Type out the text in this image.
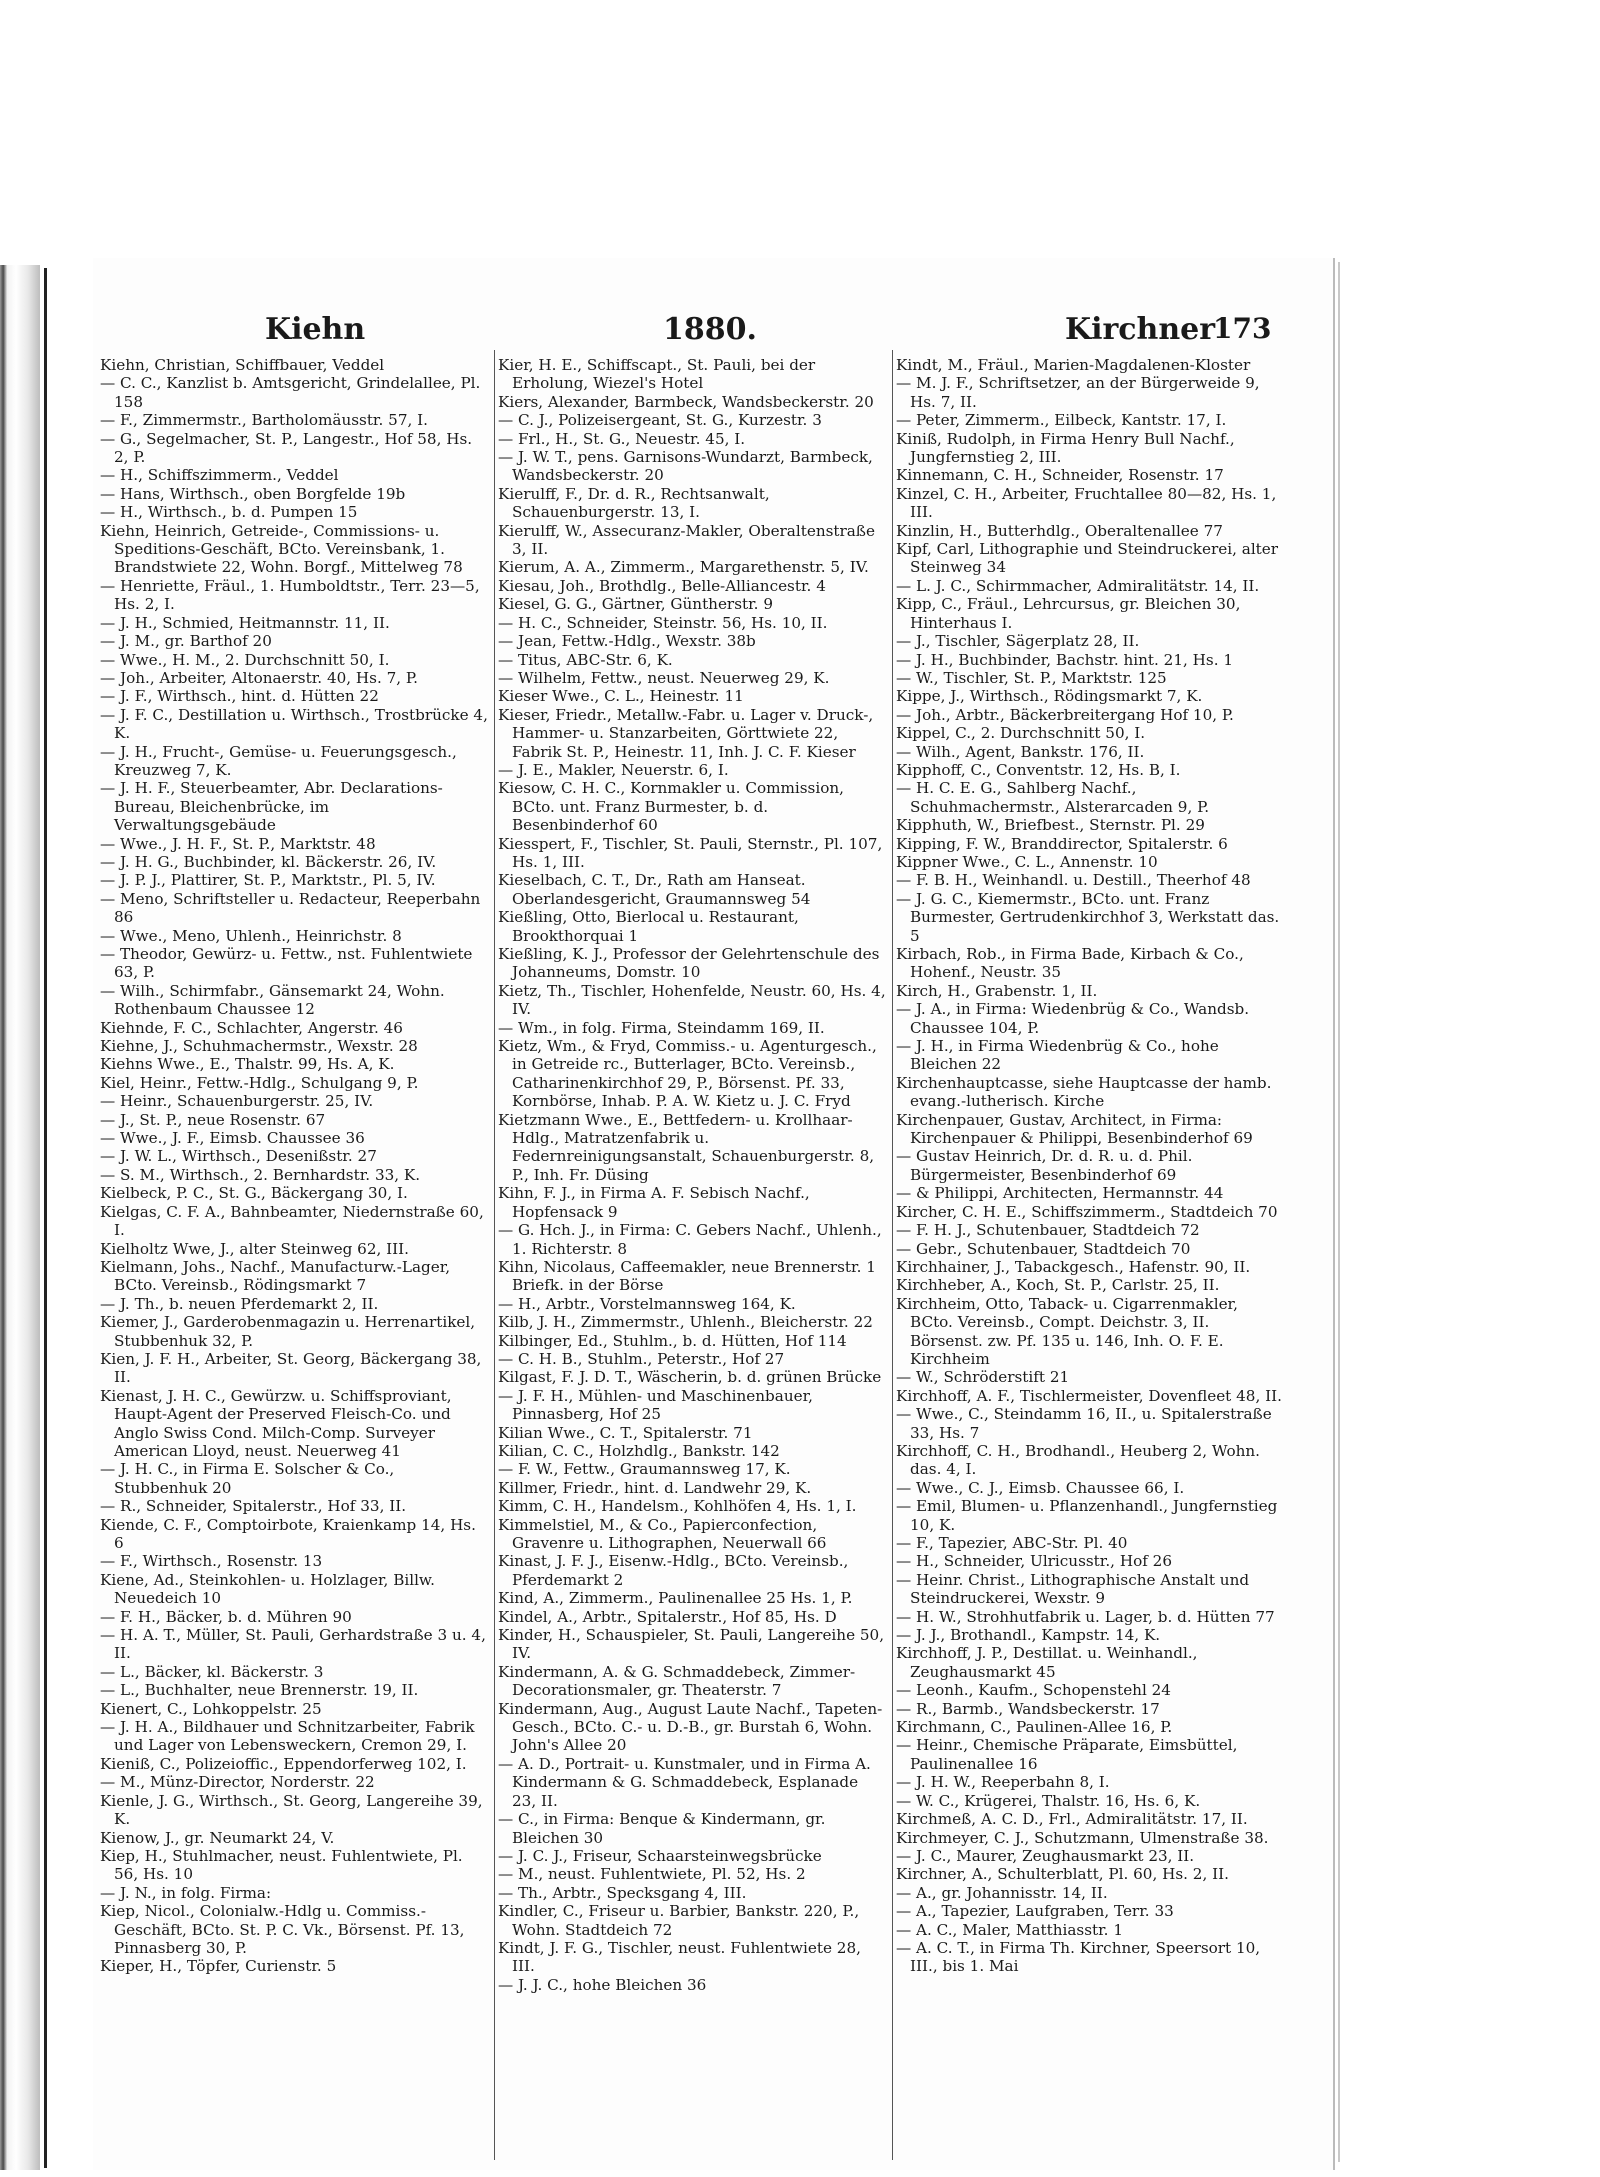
Kiehn	1880.	Kirchner
173

Kiehn, Christian, Schiffbauer, Veddel

— C. C., Kanzlist b. Amtsgericht, Grindelallee, Pl. 158

— F., Zimmermstr., Bartholomäusstr. 57, I.

— G., Segelmacher, St. P., Langestr., Hof 58, Hs. 2, P.

— H., Schiffszimmerm., Veddel

— Hans, Wirthsch., oben Borgfelde 19b

— H., Wirthsch., b. d. Pumpen 15

Kiehn, Heinrich, Getreide-, Commissions- u. Speditions-Geschäft, BCto. Vereinsbank, 1. Brandstwiete 22, Wohn. Borgf., Mittelweg 78

— Henriette, Fräul., 1. Humboldtstr., Terr. 23—5, Hs. 2, I.

— J. H., Schmied, Heitmannstr. 11, II.

— J. M., gr. Barthof 20

— Wwe., H. M., 2. Durchschnitt 50, I.

— Joh., Arbeiter, Altonaerstr. 40, Hs. 7, P.

— J. F., Wirthsch., hint. d. Hütten 22

— J. F. C., Destillation u. Wirthsch., Trostbrücke 4, K.

— J. H., Frucht-, Gemüse- u. Feuerungsgesch., Kreuzweg 7, K.

— J. H. F., Steuerbeamter, Abr. Declarations-Bureau, Bleichenbrücke, im Verwaltungsgebäude

— Wwe., J. H. F., St. P., Marktstr. 48

— J. H. G., Buchbinder, kl. Bäckerstr. 26, IV.

— J. P. J., Plattirer, St. P., Marktstr., Pl. 5, IV.

— Meno, Schriftsteller u. Redacteur, Reeperbahn 86

— Wwe., Meno, Uhlenh., Heinrichstr. 8

— Theodor, Gewürz- u. Fettw., nst. Fuhlentwiete 63, P.

— Wilh., Schirmfabr., Gänsemarkt 24, Wohn. Rothenbaum Chaussee 12

Kiehnde, F. C., Schlachter, Angerstr. 46

Kiehne, J., Schuhmachermstr., Wexstr. 28

Kiehns Wwe., E., Thalstr. 99, Hs. A, K.

Kiel, Heinr., Fettw.-Hdlg., Schulgang 9, P.

— Heinr., Schauenburgerstr. 25, IV.

— J., St. P., neue Rosenstr. 67

— Wwe., J. F., Eimsb. Chaussee 36

— J. W. L., Wirthsch., Desenißstr. 27

— S. M., Wirthsch., 2. Bernhardstr. 33, K.

Kielbeck, P. C., St. G., Bäckergang 30, I.

Kielgas, C. F. A., Bahnbeamter, Niedernstraße 60, I.

Kielholtz Wwe, J., alter Steinweg 62, III.

Kielmann, Johs., Nachf., Manufacturw.-Lager, BCto. Vereinsb., Rödingsmarkt 7

— J. Th., b. neuen Pferdemarkt 2, II.

Kiemer, J., Garderobenmagazin u. Herrenartikel, Stubbenhuk 32, P.

Kien, J. F. H., Arbeiter, St. Georg, Bäckergang 38, II.

Kienast, J. H. C., Gewürzw. u. Schiffsproviant, Haupt-Agent der Preserved Fleisch-Co. und Anglo Swiss Cond. Milch-Comp. Surveyer American Lloyd, neust. Neuerweg 41

— J. H. C., in Firma E. Solscher & Co., Stubbenhuk 20

— R., Schneider, Spitalerstr., Hof 33, II.

Kiende, C. F., Comptoirbote, Kraienkamp 14, Hs. 6

— F., Wirthsch., Rosenstr. 13

Kiene, Ad., Steinkohlen- u. Holzlager, Billw. Neuedeich 10

— F. H., Bäcker, b. d. Mühren 90

— H. A. T., Müller, St. Pauli, Gerhardstraße 3 u. 4, II.

— L., Bäcker, kl. Bäckerstr. 3

— L., Buchhalter, neue Brennerstr. 19, II.

Kienert, C., Lohkoppelstr. 25

— J. H. A., Bildhauer und Schnitzarbeiter, Fabrik und Lager von Lebensweckern, Cremon 29, I.

Kieniß, C., Polizeioffic., Eppendorferweg 102, I.

— M., Münz-Director, Norderstr. 22

Kienle, J. G., Wirthsch., St. Georg, Langereihe 39, K.

Kienow, J., gr. Neumarkt 24, V.

Kiep, H., Stuhlmacher, neust. Fuhlentwiete, Pl. 56, Hs. 10

— J. N., in folg. Firma:

Kiep, Nicol., Colonialw.-Hdlg u. Commiss.-Geschäft, BCto. St. P. C. Vk., Börsenst. Pf. 13, Pinnasberg 30, P.

Kieper, H., Töpfer, Curienstr. 5

Kier, H. E., Schiffscapt., St. Pauli, bei der Erholung, Wiezel's Hotel

Kiers, Alexander, Barmbeck, Wandsbeckerstr. 20

— C. J., Polizeisergeant, St. G., Kurzestr. 3

— Frl., H., St. G., Neuestr. 45, I.

— J. W. T., pens. Garnisons-Wundarzt, Barmbeck, Wandsbeckerstr. 20

Kierulff, F., Dr. d. R., Rechtsanwalt, Schauenburgerstr. 13, I.

Kierulff, W., Assecuranz-Makler, Oberaltenstraße 3, II.

Kierum, A. A., Zimmerm., Margarethenstr. 5, IV.

Kiesau, Joh., Brothdlg., Belle-Alliancestr. 4

Kiesel, G. G., Gärtner, Güntherstr. 9

— H. C., Schneider, Steinstr. 56, Hs. 10, II.

— Jean, Fettw.-Hdlg., Wexstr. 38b

— Titus, ABC-Str. 6, K.

— Wilhelm, Fettw., neust. Neuerweg 29, K.

Kieser Wwe., C. L., Heinestr. 11

Kieser, Friedr., Metallw.-Fabr. u. Lager v. Druck-, Hammer- u. Stanzarbeiten, Görttwiete 22, Fabrik St. P., Heinestr. 11, Inh. J. C. F. Kieser

— J. E., Makler, Neuerstr. 6, I.

Kiesow, C. H. C., Kornmakler u. Commission, BCto. unt. Franz Burmester, b. d. Besenbinderhof 60

Kiesspert, F., Tischler, St. Pauli, Sternstr., Pl. 107, Hs. 1, III.

Kieselbach, C. T., Dr., Rath am Hanseat. Oberlandesgericht, Graumannsweg 54

Kießling, Otto, Bierlocal u. Restaurant, Brookthorquai 1

Kießling, K. J., Professor der Gelehrtenschule des Johanneums, Domstr. 10

Kietz, Th., Tischler, Hohenfelde, Neustr. 60, Hs. 4, IV.

— Wm., in folg. Firma, Steindamm 169, II.

Kietz, Wm., & Fryd, Commiss.- u. Agenturgesch., in Getreide rc., Butterlager, BCto. Vereinsb., Catharinenkirchhof 29, P., Börsenst. Pf. 33, Kornbörse, Inhab. P. A. W. Kietz u. J. C. Fryd

Kietzmann Wwe., E., Bettfedern- u. Krollhaar-Hdlg., Matratzenfabrik u. Federnreinigungsanstalt, Schauenburgerstr. 8, P., Inh. Fr. Düsing

Kihn, F. J., in Firma A. F. Sebisch Nachf., Hopfensack 9

— G. Hch. J., in Firma: C. Gebers Nachf., Uhlenh., 1. Richterstr. 8

Kihn, Nicolaus, Caffeemakler, neue Brennerstr. 1 Briefk. in der Börse

— H., Arbtr., Vorstelmannsweg 164, K.

Kilb, J. H., Zimmermstr., Uhlenh., Bleicherstr. 22

Kilbinger, Ed., Stuhlm., b. d. Hütten, Hof 114

— C. H. B., Stuhlm., Peterstr., Hof 27

Kilgast, F. J. D. T., Wäscherin, b. d. grünen Brücke

— J. F. H., Mühlen- und Maschinenbauer, Pinnasberg, Hof 25

Kilian Wwe., C. T., Spitalerstr. 71

Kilian, C. C., Holzhdlg., Bankstr. 142

— F. W., Fettw., Graumannsweg 17, K.

Killmer, Friedr., hint. d. Landwehr 29, K.

Kimm, C. H., Handelsm., Kohlhöfen 4, Hs. 1, I.

Kimmelstiel, M., & Co., Papierconfection, Gravenre u. Lithographen, Neuerwall 66

Kinast, J. F. J., Eisenw.-Hdlg., BCto. Vereinsb., Pferdemarkt 2

Kind, A., Zimmerm., Paulinenallee 25 Hs. 1, P.

Kindel, A., Arbtr., Spitalerstr., Hof 85, Hs. D

Kinder, H., Schauspieler, St. Pauli, Langereihe 50, IV.

Kindermann, A. & G. Schmaddebeck, Zimmer-Decorationsmaler, gr. Theaterstr. 7

Kindermann, Aug., August Laute Nachf., Tapeten-Gesch., BCto. C.- u. D.-B., gr. Burstah 6, Wohn. John's Allee 20

— A. D., Portrait- u. Kunstmaler, und in Firma A. Kindermann & G. Schmaddebeck, Esplanade 23, II.

— C., in Firma: Benque & Kindermann, gr. Bleichen 30

— J. C. J., Friseur, Schaarsteinwegsbrücke

— M., neust. Fuhlentwiete, Pl. 52, Hs. 2

— Th., Arbtr., Specksgang 4, III.

Kindler, C., Friseur u. Barbier, Bankstr. 220, P., Wohn. Stadtdeich 72

Kindt, J. F. G., Tischler, neust. Fuhlentwiete 28, III.

— J. J. C., hohe Bleichen 36

Kindt, M., Fräul., Marien-Magdalenen-Kloster

— M. J. F., Schriftsetzer, an der Bürgerweide 9, Hs. 7, II.

— Peter, Zimmerm., Eilbeck, Kantstr. 17, I.

Kiniß, Rudolph, in Firma Henry Bull Nachf., Jungfernstieg 2, III.

Kinnemann, C. H., Schneider, Rosenstr. 17

Kinzel, C. H., Arbeiter, Fruchtallee 80—82, Hs. 1, III.

Kinzlin, H., Butterhdlg., Oberaltenallee 77

Kipf, Carl, Lithographie und Steindruckerei, alter Steinweg 34

— L. J. C., Schirmmacher, Admiralitätstr. 14, II.

Kipp, C., Fräul., Lehrcursus, gr. Bleichen 30, Hinterhaus I.

— J., Tischler, Sägerplatz 28, II.

— J. H., Buchbinder, Bachstr. hint. 21, Hs. 1

— W., Tischler, St. P., Marktstr. 125

Kippe, J., Wirthsch., Rödingsmarkt 7, K.

— Joh., Arbtr., Bäckerbreitergang Hof 10, P.

Kippel, C., 2. Durchschnitt 50, I.

— Wilh., Agent, Bankstr. 176, II.

Kipphoff, C., Conventstr. 12, Hs. B, I.

— H. C. E. G., Sahlberg Nachf., Schuhmachermstr., Alsterarcaden 9, P.

Kipphuth, W., Briefbest., Sternstr. Pl. 29

Kipping, F. W., Branddirector, Spitalerstr. 6

Kippner Wwe., C. L., Annenstr. 10

— F. B. H., Weinhandl. u. Destill., Theerhof 48

— J. G. C., Kiemermstr., BCto. unt. Franz Burmester, Gertrudenkirchhof 3, Werkstatt das. 5

Kirbach, Rob., in Firma Bade, Kirbach & Co., Hohenf., Neustr. 35

Kirch, H., Grabenstr. 1, II.

— J. A., in Firma: Wiedenbrüg & Co., Wandsb. Chaussee 104, P.

— J. H., in Firma Wiedenbrüg & Co., hohe Bleichen 22

Kirchenhauptcasse, siehe Hauptcasse der hamb. evang.-lutherisch. Kirche

Kirchenpauer, Gustav, Architect, in Firma: Kirchenpauer & Philippi, Besenbinderhof 69

— Gustav Heinrich, Dr. d. R. u. d. Phil. Bürgermeister, Besenbinderhof 69

— & Philippi, Architecten, Hermannstr. 44

Kircher, C. H. E., Schiffszimmerm., Stadtdeich 70

— F. H. J., Schutenbauer, Stadtdeich 72

— Gebr., Schutenbauer, Stadtdeich 70

Kirchhainer, J., Tabackgesch., Hafenstr. 90, II.

Kirchheber, A., Koch, St. P., Carlstr. 25, II.

Kirchheim, Otto, Taback- u. Cigarrenmakler, BCto. Vereinsb., Compt. Deichstr. 3, II. Börsenst. zw. Pf. 135 u. 146, Inh. O. F. E. Kirchheim

— W., Schröderstift 21

Kirchhoff, A. F., Tischlermeister, Dovenfleet 48, II.

— Wwe., C., Steindamm 16, II., u. Spitalerstraße 33, Hs. 7

Kirchhoff, C. H., Brodhandl., Heuberg 2, Wohn. das. 4, I.

— Wwe., C. J., Eimsb. Chaussee 66, I.

— Emil, Blumen- u. Pflanzenhandl., Jungfernstieg 10, K.

— F., Tapezier, ABC-Str. Pl. 40

— H., Schneider, Ulricusstr., Hof 26

— Heinr. Christ., Lithographische Anstalt und Steindruckerei, Wexstr. 9

— H. W., Strohhutfabrik u. Lager, b. d. Hütten 77

— J. J., Brothandl., Kampstr. 14, K.

Kirchhoff, J. P., Destillat. u. Weinhandl., Zeughausmarkt 45

— Leonh., Kaufm., Schopenstehl 24

— R., Barmb., Wandsbeckerstr. 17

Kirchmann, C., Paulinen-Allee 16, P.

— Heinr., Chemische Präparate, Eimsbüttel, Paulinenallee 16

— J. H. W., Reeperbahn 8, I.

— W. C., Krügerei, Thalstr. 16, Hs. 6, K.

Kirchmeß, A. C. D., Frl., Admiralitätstr. 17, II.

Kirchmeyer, C. J., Schutzmann, Ulmenstraße 38.

— J. C., Maurer, Zeughausmarkt 23, II.

Kirchner, A., Schulterblatt, Pl. 60, Hs. 2, II.

— A., gr. Johannisstr. 14, II.

— A., Tapezier, Laufgraben, Terr. 33

— A. C., Maler, Matthiasstr. 1

— A. C. T., in Firma Th. Kirchner, Speersort 10, III., bis 1. Mai
